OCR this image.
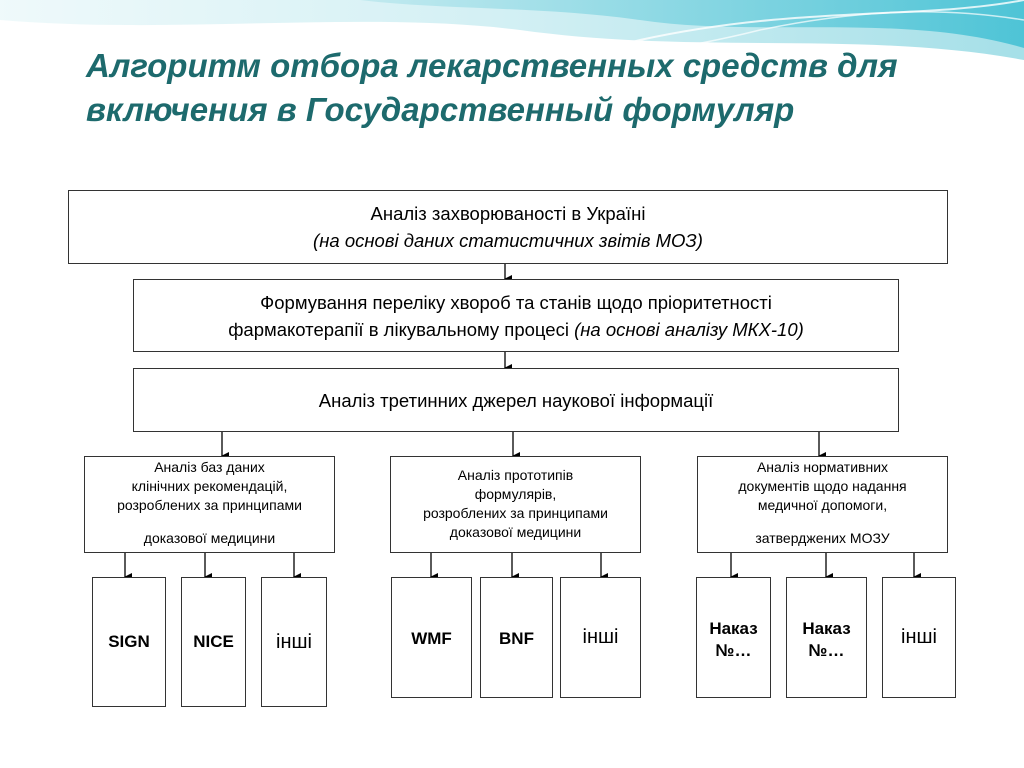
Алгоритм отбора лекарственных средств для
включения в Государственный формуляр
Аналіз захворюваності в Україні
(на основі даних статистичних звітів МОЗ)
Формування переліку хвороб та станів щодо пріоритетності
фармакотерапії в лікувальному процесі (на основі аналізу МКХ-10)
Аналіз третинних джерел наукової інформації
Аналіз баз даних
клінічних рекомендацій,
розроблених за принципами
доказової медицини
Аналіз прототипів
формулярів,
розроблених за принципами
доказової медицини
Аналіз нормативних
документів щодо надання
медичної допомоги,
затверджених МОЗУ
SIGN	NICE	інші	WMF	BNF	інші	Наказ №…
Наказ №…
інші
